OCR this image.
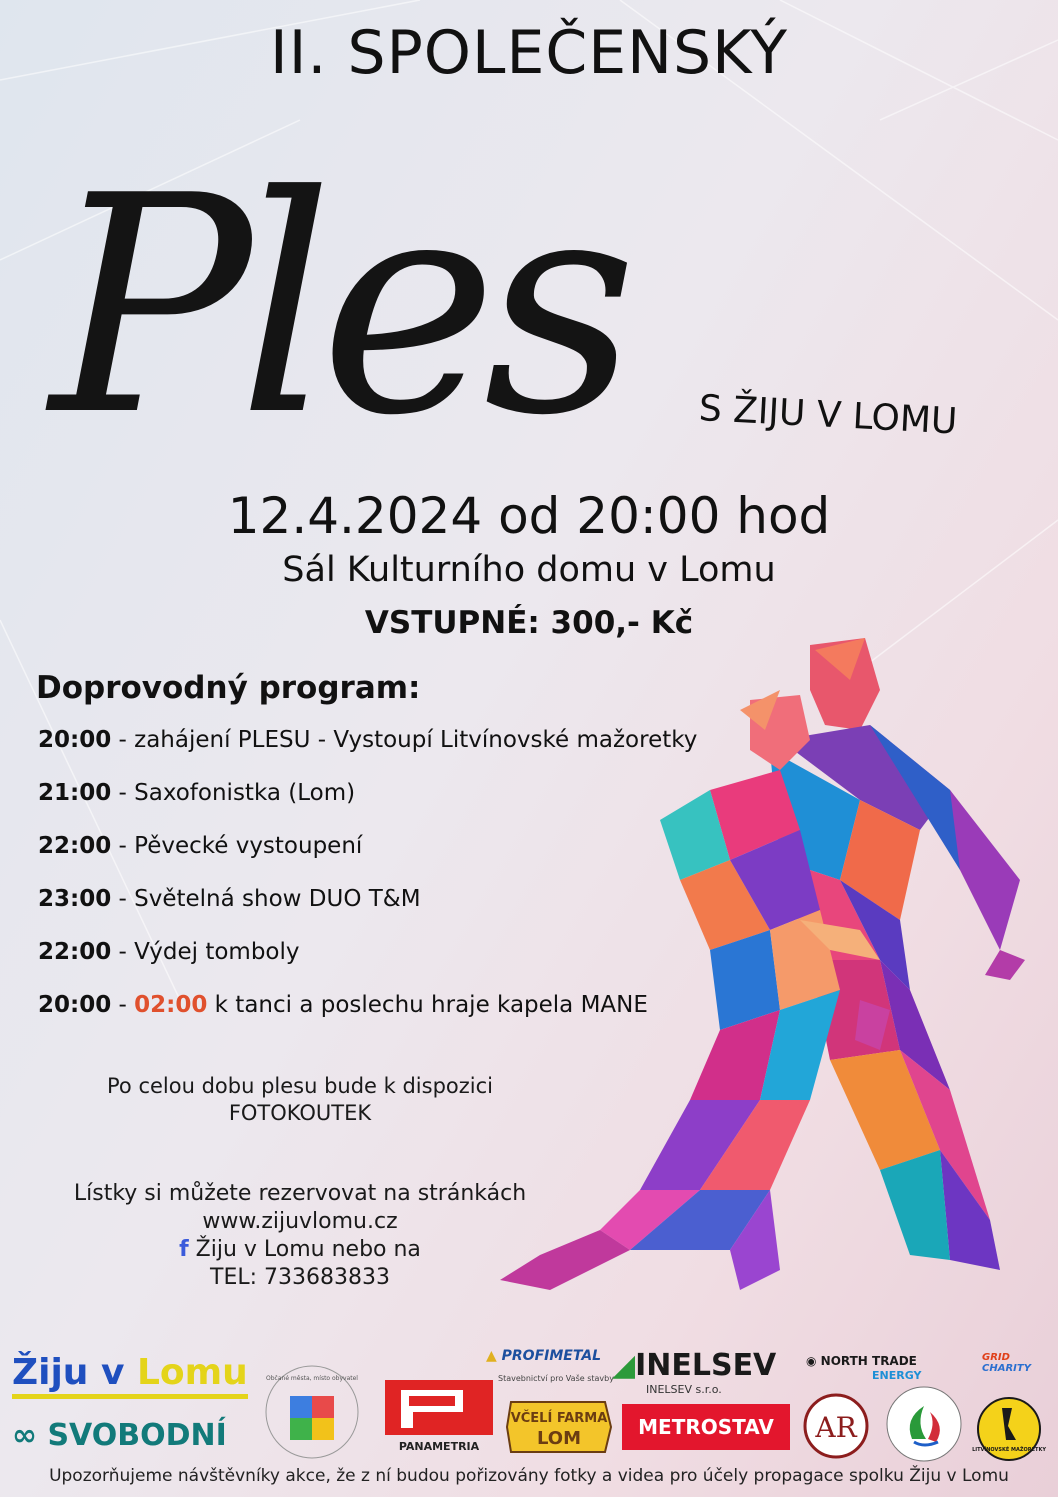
II. SPOLEČENSKÝ
Ples S ŽIJU V LOMU
12.4.2024 od 20:00 hod
Sál Kulturního domu v Lomu
VSTUPNÉ: 300,- Kč
Doprovodný program:
20:00 - zahájení PLESU - Vystoupí Litvínovské mažoretky
21:00 - Saxofonistka (Lom)
22:00 - Pěvecké vystoupení
23:00 - Světelná show DUO T&M
22:00 - Výdej tomboly
20:00 - 02:00 k tanci a poslechu hraje kapela MANE
Po celou dobu plesu bude k dispozici
FOTOKOUTEK
Lístky si můžete rezervovat na stránkách
www.zijuvlomu.cz
f Žiju v Lomu nebo na
TEL: 733683833
Žiju v Lomu
∞ SVOBODNÍ
Občané města, místo obyvatel
PANAMETRIA
▲ PROFIMETAL
Stavebnictví pro Vaše stavby
VČELÍ FARMA
LOM
◢INELSEV
INELSEV s.r.o.
METROSTAV
◉ NORTH TRADE
ENERGY
AR
GRID
CHARITY
LITVÍNOVSKÉ MAŽORETKY
Upozorňujeme návštěvníky akce, že z ní budou pořizovány fotky a videa pro účely propagace spolku Žiju v Lomu
